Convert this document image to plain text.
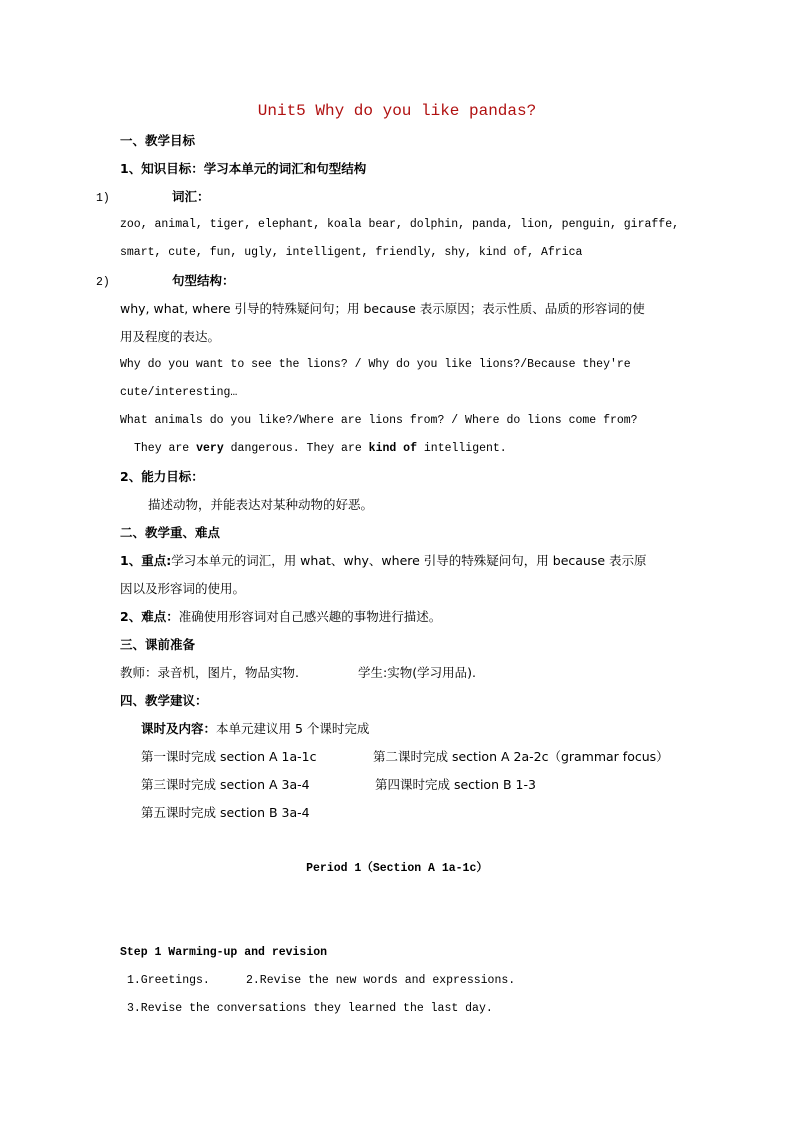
Unit5 Why do you like pandas?
一、教学目标
1、知识目标：学习本单元的词汇和句型结构
1)	词汇：
zoo, animal, tiger, elephant, koala bear, dolphin, panda, lion, penguin, giraffe,
smart, cute, fun, ugly, intelligent, friendly, shy, kind of, Africa
2)	句型结构：
why, what, where 引导的特殊疑问句；用 because 表示原因；表示性质、品质的形容词的使
用及程度的表达。
Why do you want to see the lions? / Why do you like lions?/Because they're
cute/interesting…
What animals do you like?/Where are lions from? / Where do lions come from?
They are very dangerous. They are kind of intelligent.
2、能力目标：
描述动物，并能表达对某种动物的好恶。
二、教学重、难点
1、重点:学习本单元的词汇，用 what、why、where 引导的特殊疑问句，用 because 表示原
因以及形容词的使用。
2、难点：准确使用形容词对自己感兴趣的事物进行描述。
三、课前准备
教师：录音机，图片，物品实物.	学生:实物(学习用品).
四、教学建议：
课时及内容：本单元建议用 5 个课时完成
第一课时完成 section A 1a-1c	第二课时完成 section A 2a-2c（grammar focus）
第三课时完成 section A 3a-4	第四课时完成 section B 1-3
第五课时完成 section B 3a-4
Period 1（Section A 1a-1c）
Step 1 Warming-up and revision
1.Greetings.	2.Revise the new words and expressions.
3.Revise the conversations they learned the last day.
